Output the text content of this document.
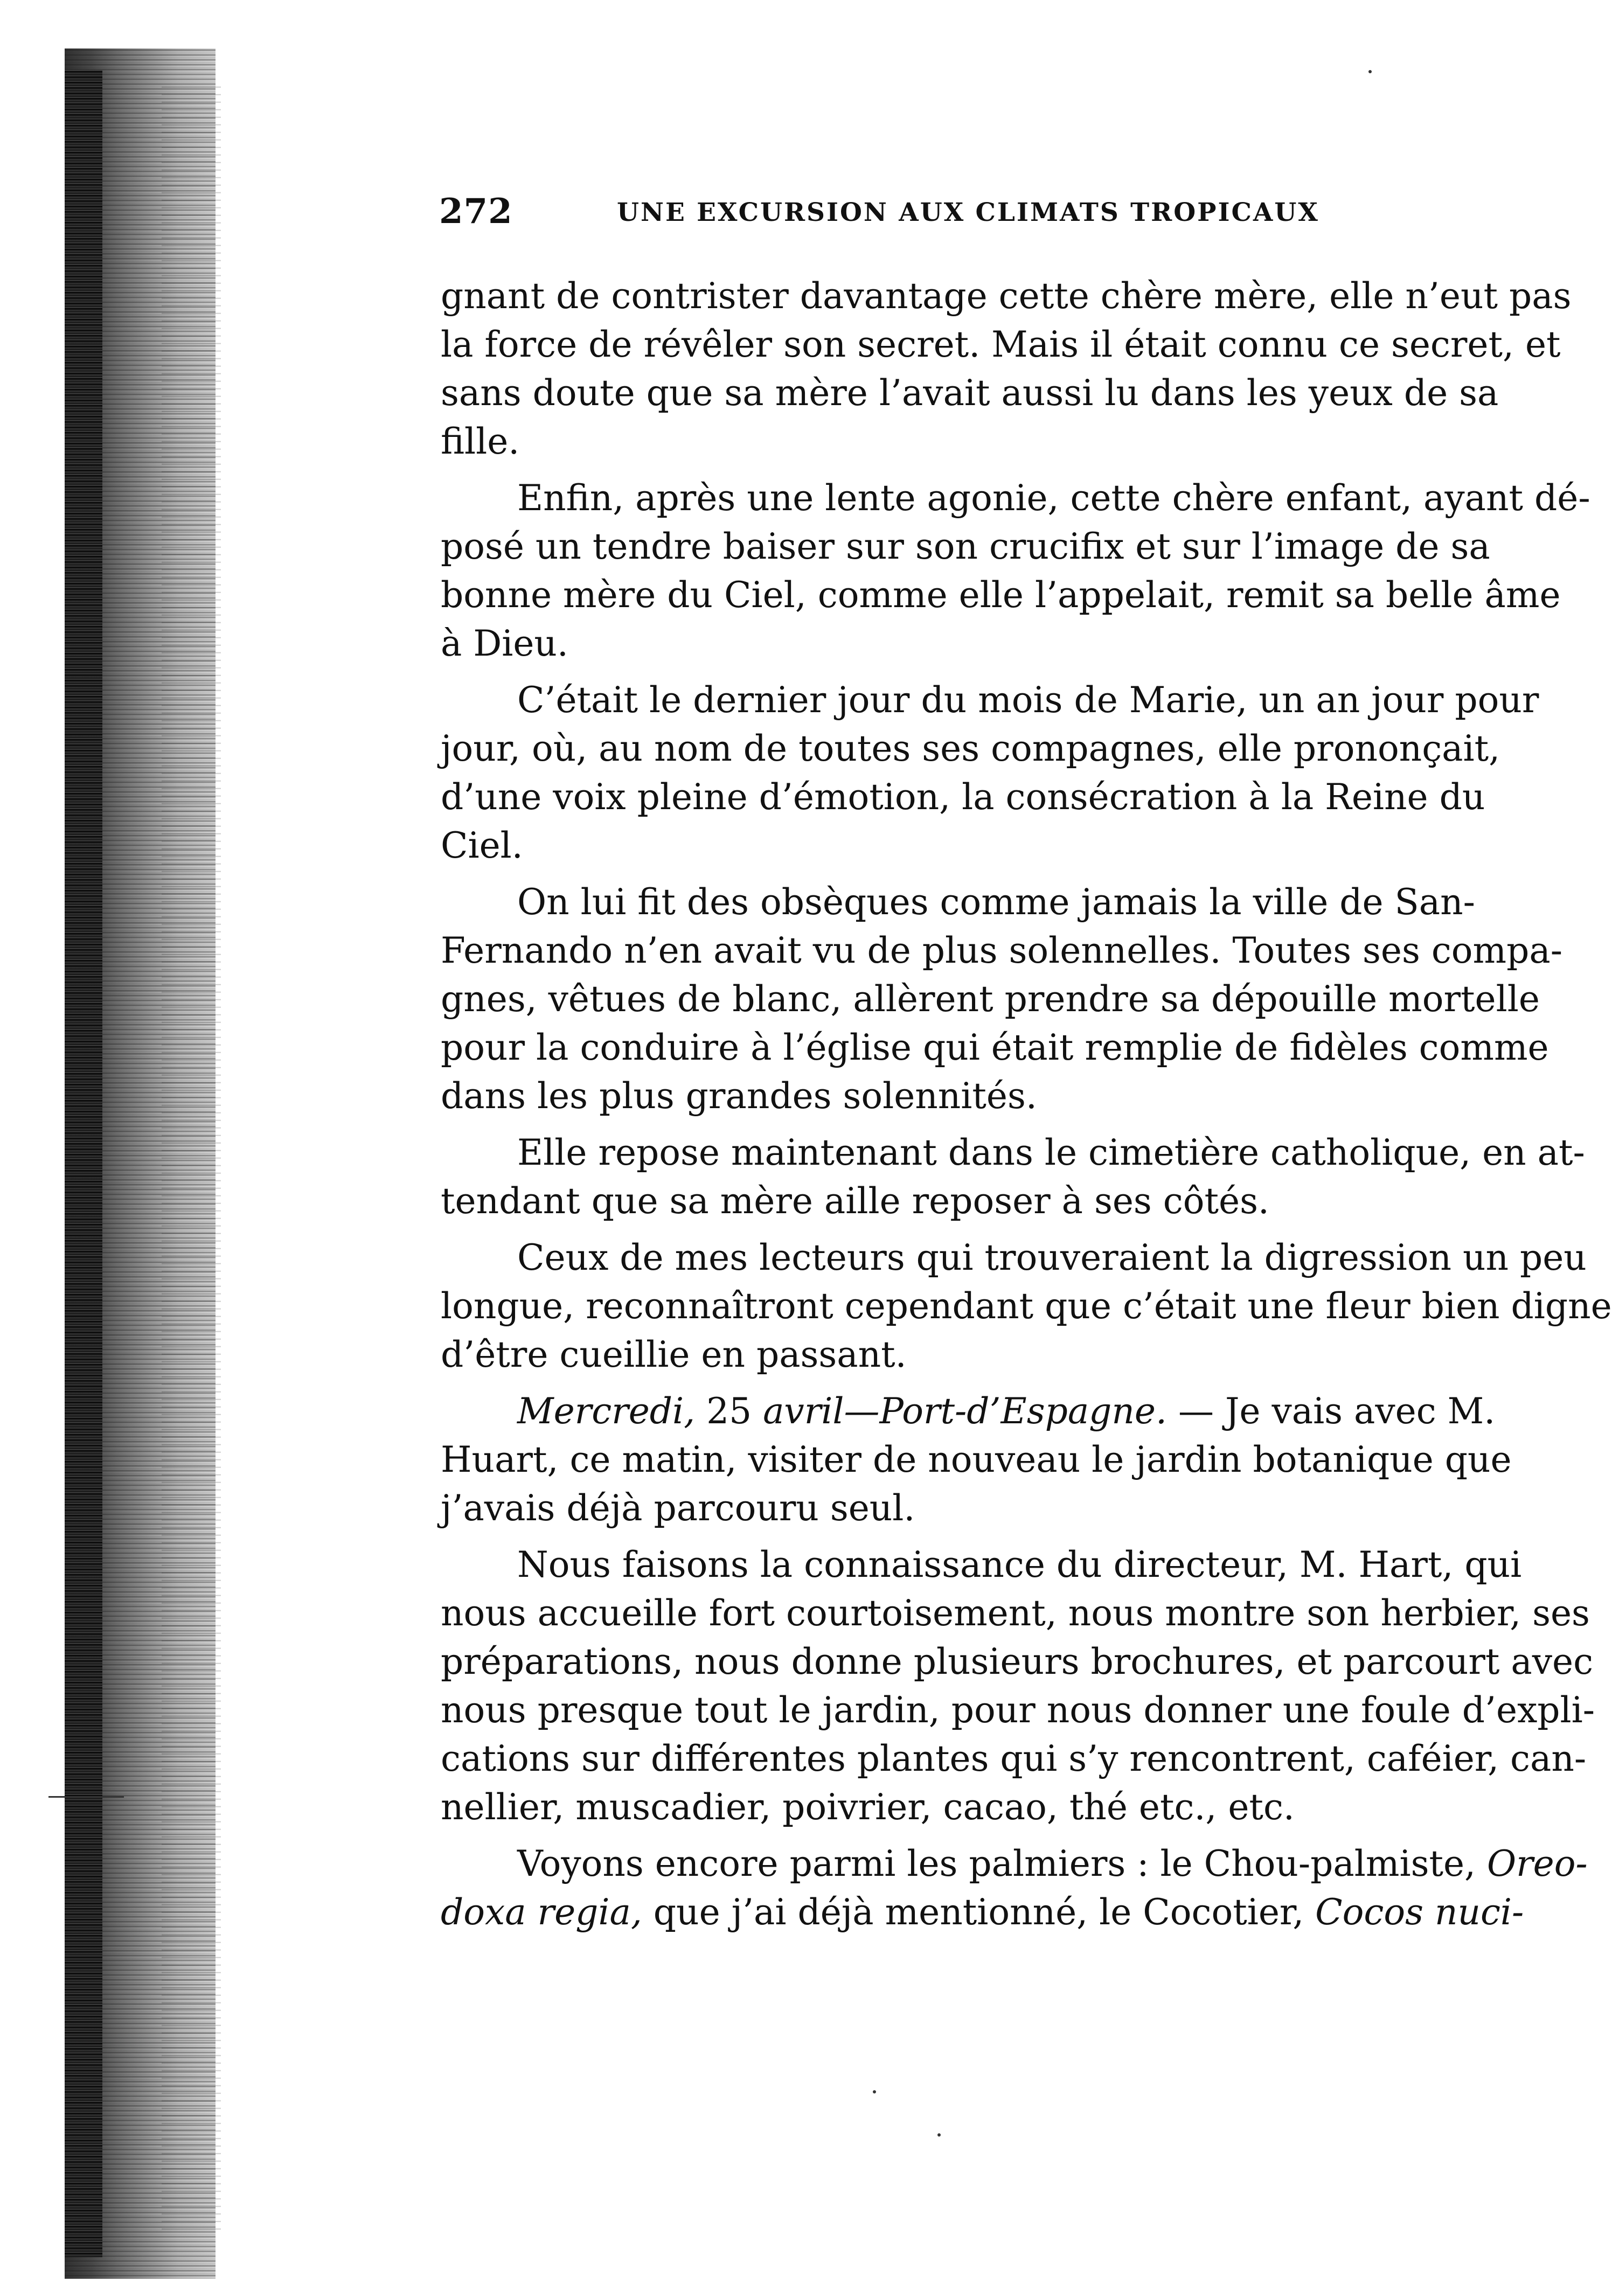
272	UNE EXCURSION AUX CLIMATS TROPICAUX
gnant de contrister davantage cette chère mère, elle n’eut pas
la force de révêler son secret. Mais il était connu ce secret, et
sans doute que sa mère l’avait aussi lu dans les yeux de sa
fille.
Enfin, après une lente agonie, cette chère enfant, ayant dé-
posé un tendre baiser sur son crucifix et sur l’image de sa
bonne mère du Ciel, comme elle l’appelait, remit sa belle âme
à Dieu.
C’était le dernier jour du mois de Marie, un an jour pour
jour, où, au nom de toutes ses compagnes, elle prononçait,
d’une voix pleine d’émotion, la consécration à la Reine du
Ciel.
On lui fit des obsèques comme jamais la ville de San-
Fernando n’en avait vu de plus solennelles. Toutes ses compa-
gnes, vêtues de blanc, allèrent prendre sa dépouille mortelle
pour la conduire à l’église qui était remplie de fidèles comme
dans les plus grandes solennités.
Elle repose maintenant dans le cimetière catholique, en at-
tendant que sa mère aille reposer à ses côtés.
Ceux de mes lecteurs qui trouveraient la digression un peu
longue, reconnaîtront cependant que c’était une fleur bien digne
d’être cueillie en passant.
Mercredi, 25 avril—Port-d’Espagne. — Je vais avec M.
Huart, ce matin, visiter de nouveau le jardin botanique que
j’avais déjà parcouru seul.
Nous faisons la connaissance du directeur, M. Hart, qui
nous accueille fort courtoisement, nous montre son herbier, ses
préparations, nous donne plusieurs brochures, et parcourt avec
nous presque tout le jardin, pour nous donner une foule d’expli-
cations sur différentes plantes qui s’y rencontrent, caféier, can-
nellier, muscadier, poivrier, cacao, thé etc., etc.
Voyons encore parmi les palmiers : le Chou-palmiste, Oreo-
doxa regia, que j’ai déjà mentionné, le Cocotier, Cocos nuci-
